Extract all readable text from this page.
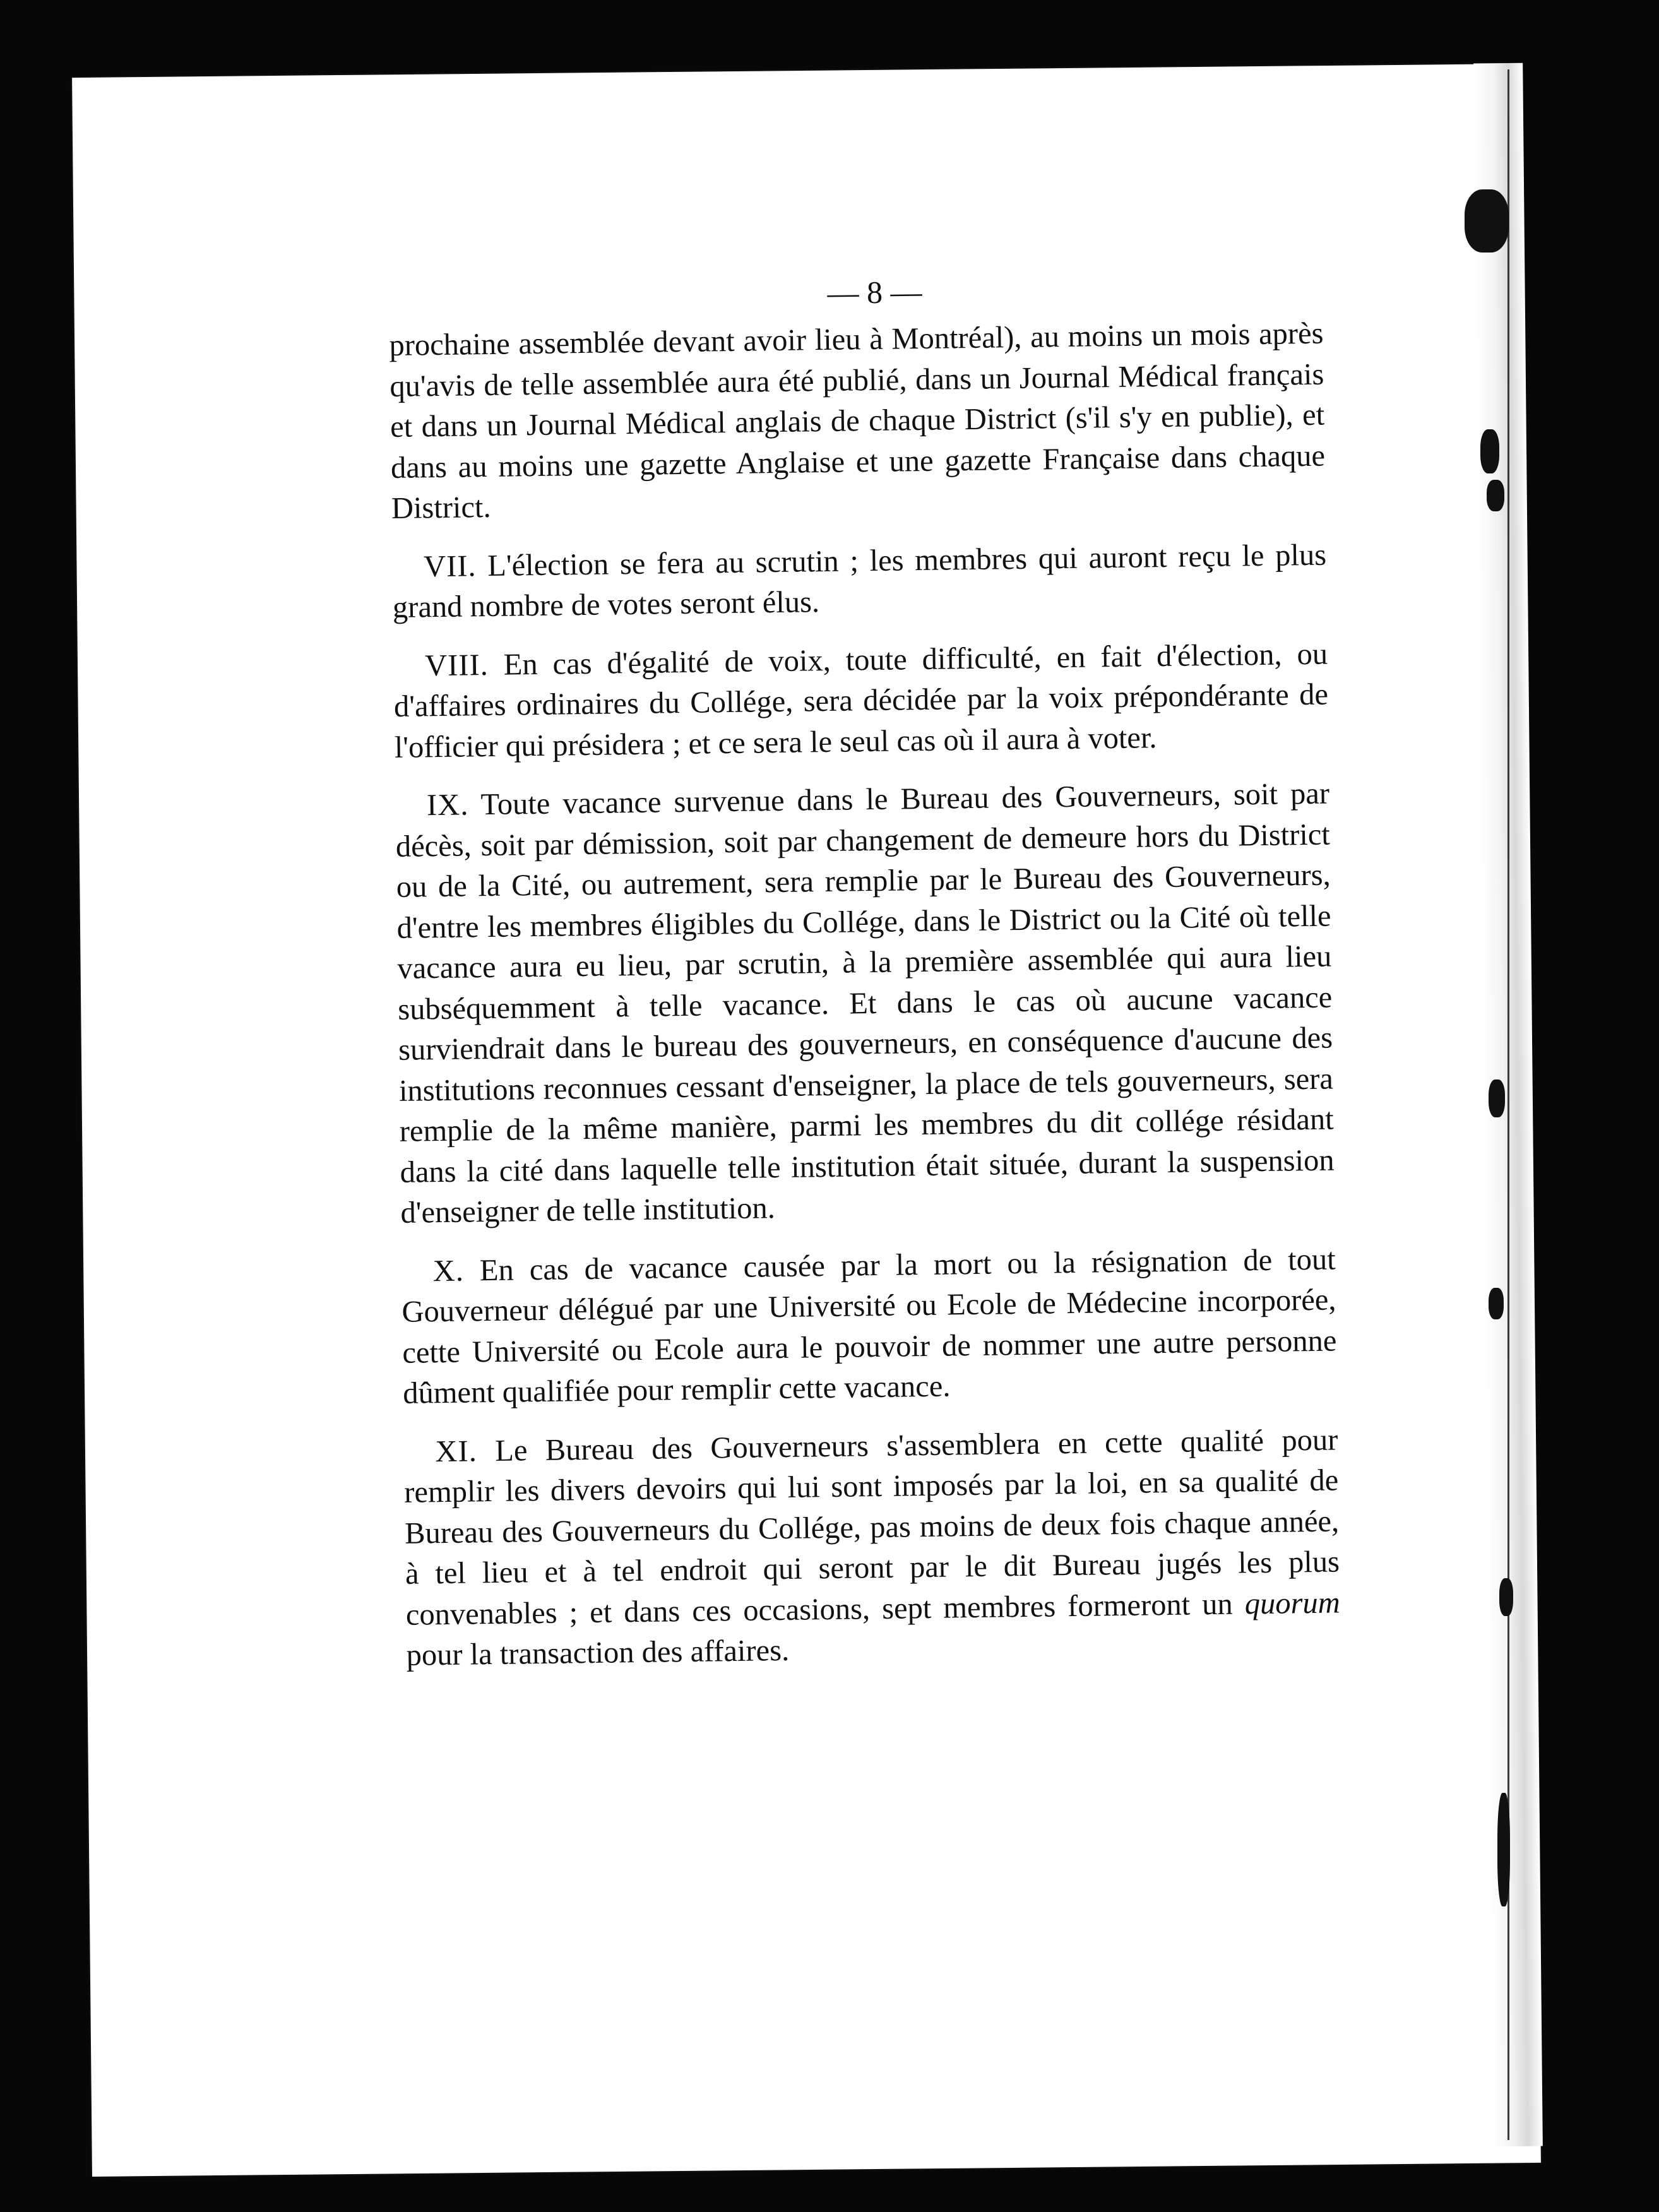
— 8 —

prochaine assemblée devant avoir lieu à Montréal), au moins un mois après qu'avis de telle assemblée aura été publié, dans un Journal Médical français et dans un Journal Médical anglais de chaque District (s'il s'y en publie), et dans au moins une gazette Anglaise et une gazette Française dans chaque District.

VII. L'élection se fera au scrutin ; les membres qui auront reçu le plus grand nombre de votes seront élus.

VIII. En cas d'égalité de voix, toute difficulté, en fait d'élection, ou d'affaires ordinaires du Collége, sera décidée par la voix prépondérante de l'officier qui présidera ; et ce sera le seul cas où il aura à voter.

IX. Toute vacance survenue dans le Bureau des Gouverneurs, soit par décès, soit par démission, soit par changement de demeure hors du District ou de la Cité, ou autrement, sera remplie par le Bureau des Gouverneurs, d'entre les membres éligibles du Collége, dans le District ou la Cité où telle vacance aura eu lieu, par scrutin, à la première assemblée qui aura lieu subséquemment à telle vacance. Et dans le cas où aucune vacance surviendrait dans le bureau des gouverneurs, en conséquence d'aucune des institutions reconnues cessant d'enseigner, la place de tels gouverneurs, sera remplie de la même manière, parmi les membres du dit collége résidant dans la cité dans laquelle telle institution était située, durant la suspension d'enseigner de telle institution.

X. En cas de vacance causée par la mort ou la résignation de tout Gouverneur délégué par une Université ou Ecole de Médecine incorporée, cette Université ou Ecole aura le pouvoir de nommer une autre personne dûment qualifiée pour remplir cette vacance.

XI. Le Bureau des Gouverneurs s'assemblera en cette qualité pour remplir les divers devoirs qui lui sont imposés par la loi, en sa qualité de Bureau des Gouverneurs du Collége, pas moins de deux fois chaque année, à tel lieu et à tel endroit qui seront par le dit Bureau jugés les plus convenables ; et dans ces occasions, sept membres formeront un quorum pour la transaction des affaires.
